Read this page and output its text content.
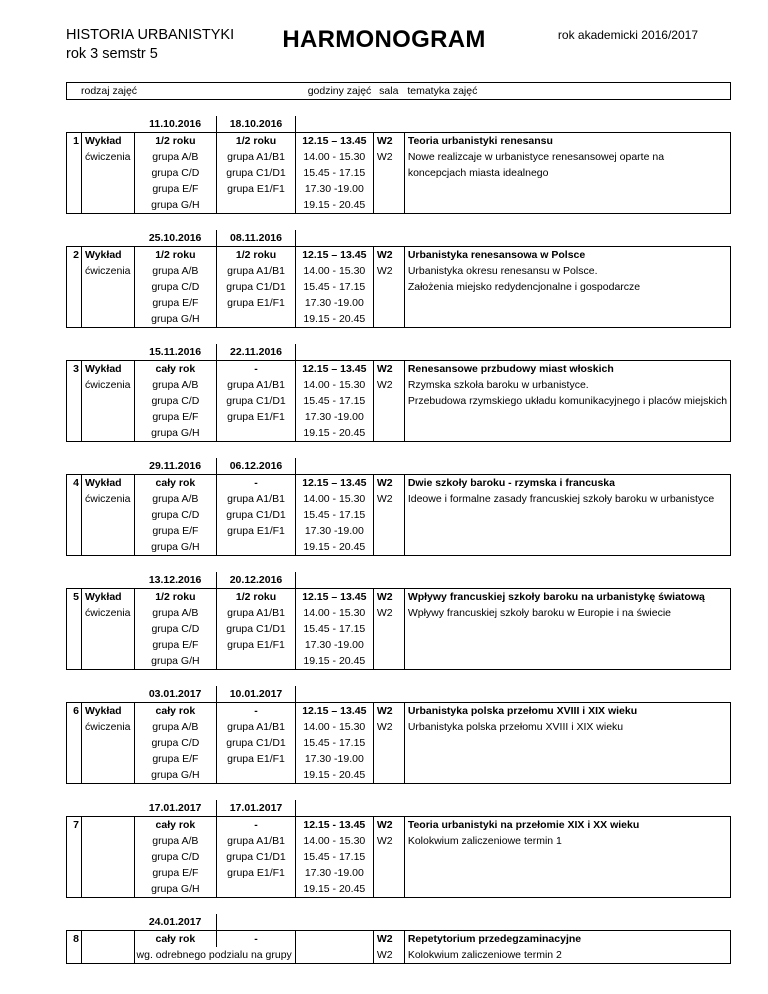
HISTORIA URBANISTYKI
rok 3 semstr 5
HARMONOGRAM	rok akademicki 2016/2017
rodzaj zajęć				godziny zajęć	sala	tematyka zajęć

		11.10.2016	18.10.2016			
1	Wykład	1/2 roku	1/2 roku	12.15 – 13.45	W2	Teoria urbanistyki renesansu
	ćwiczenia	grupa A/B	grupa A1/B1	14.00 - 15.30	W2	Nowe realizcaje w urbanistyce renesansowej oparte na
		grupa C/D	grupa C1/D1	15.45 - 17.15		koncepcjach miasta idealnego
		grupa E/F	grupa E1/F1	17.30 -19.00		
		grupa G/H		19.15 - 20.45		

		25.10.2016	08.11.2016			
2	Wykład	1/2 roku	1/2 roku	12.15 – 13.45	W2	Urbanistyka renesansowa w Polsce
	ćwiczenia	grupa A/B	grupa A1/B1	14.00 - 15.30	W2	Urbanistyka okresu renesansu w Polsce.
		grupa C/D	grupa C1/D1	15.45 - 17.15		Założenia miejsko redydencjonalne i gospodarcze
		grupa E/F	grupa E1/F1	17.30 -19.00		
		grupa G/H		19.15 - 20.45		

		15.11.2016	22.11.2016			
3	Wykład	cały rok	-	12.15 – 13.45	W2	Renesansowe przbudowy miast włoskich
	ćwiczenia	grupa A/B	grupa A1/B1	14.00 - 15.30	W2	Rzymska szkoła baroku w urbanistyce.
		grupa C/D	grupa C1/D1	15.45 - 17.15		Przebudowa rzymskiego układu komunikacyjnego i placów miejskich
		grupa E/F	grupa E1/F1	17.30 -19.00		
		grupa G/H		19.15 - 20.45		

		29.11.2016	06.12.2016			
4	Wykład	cały rok	-	12.15 – 13.45	W2	Dwie szkoły baroku - rzymska i francuska
	ćwiczenia	grupa A/B	grupa A1/B1	14.00 - 15.30	W2	Ideowe i formalne zasady francuskiej szkoły baroku w urbanistyce
		grupa C/D	grupa C1/D1	15.45 - 17.15		
		grupa E/F	grupa E1/F1	17.30 -19.00		
		grupa G/H		19.15 - 20.45		

		13.12.2016	20.12.2016			
5	Wykład	1/2 roku	1/2 roku	12.15 – 13.45	W2	Wpływy francuskiej szkoły baroku na urbanistykę światową
	ćwiczenia	grupa A/B	grupa A1/B1	14.00 - 15.30	W2	Wpływy francuskiej szkoły baroku w Europie i na świecie
		grupa C/D	grupa C1/D1	15.45 - 17.15		
		grupa E/F	grupa E1/F1	17.30 -19.00		
		grupa G/H		19.15 - 20.45		

		03.01.2017	10.01.2017			
6	Wykład	cały rok	-	12.15 – 13.45	W2	Urbanistyka polska przełomu XVIII i XIX wieku
	ćwiczenia	grupa A/B	grupa A1/B1	14.00 - 15.30	W2	Urbanistyka polska przełomu XVIII i XIX wieku
		grupa C/D	grupa C1/D1	15.45 - 17.15		
		grupa E/F	grupa E1/F1	17.30 -19.00		
		grupa G/H		19.15 - 20.45		

		17.01.2017	17.01.2017			
7		cały rok	-	12.15 - 13.45	W2	Teoria urbanistyki na przełomie XIX i XX wieku
		grupa A/B	grupa A1/B1	14.00 - 15.30	W2	Kolokwium zaliczeniowe termin 1
		grupa C/D	grupa C1/D1	15.45 - 17.15		
		grupa E/F	grupa E1/F1	17.30 -19.00		
		grupa G/H		19.15 - 20.45		

		24.01.2017				
8		cały rok	-		W2	Repetytorium przedegzaminacyjne
		wg. odrebnego podzialu na grupy			W2	Kolokwium zaliczeniowe termin 2
